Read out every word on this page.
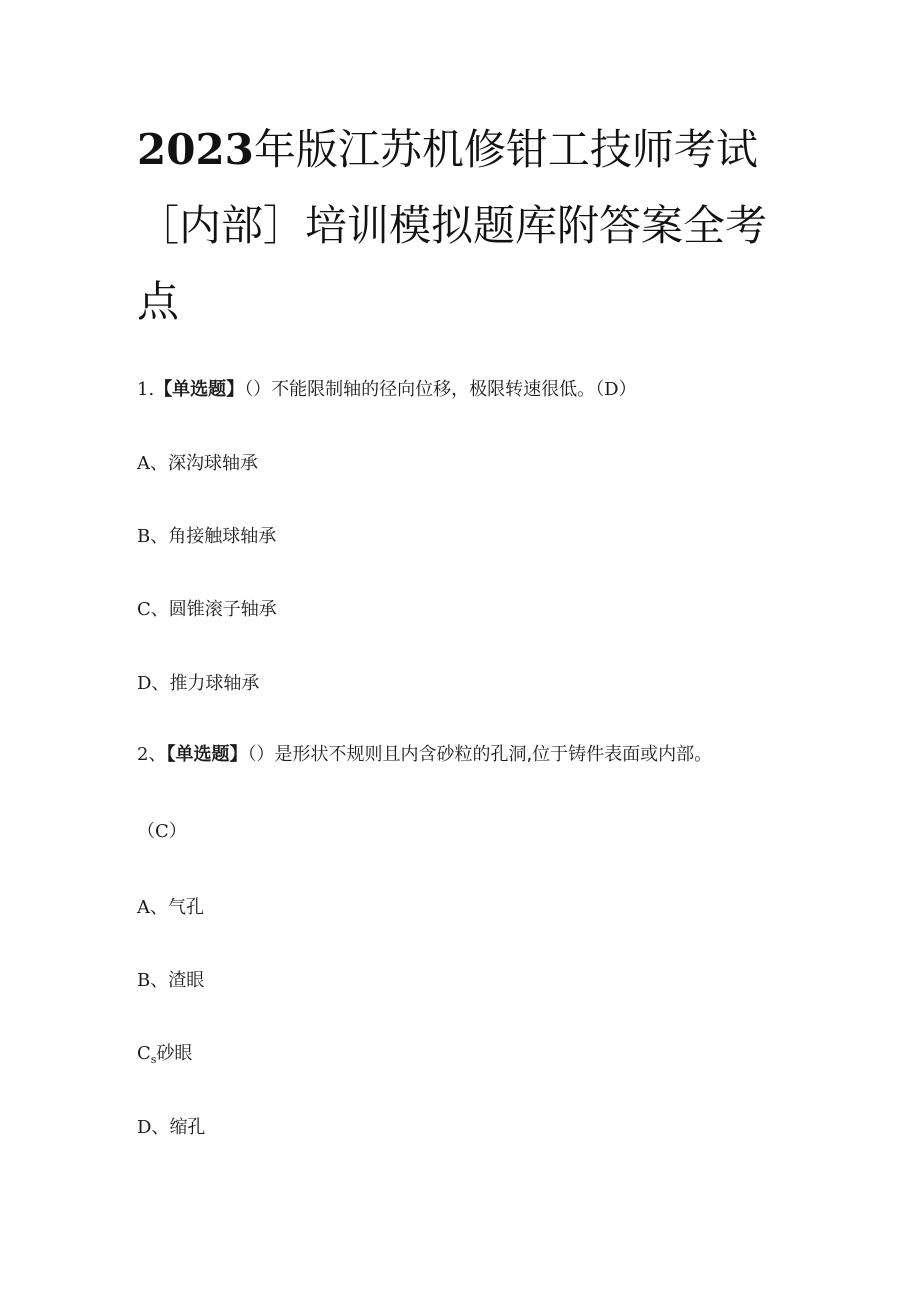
2023年版江苏机修钳工技师考试［内部］培训模拟题库附答案全考点

1.【单选题】（）不能限制轴的径向位移，极限转速很低。（D）

A、深沟球轴承

B、角接触球轴承

C、圆锥滚子轴承

D、推力球轴承

2、【单选题】（）是形状不规则且内含砂粒的孔洞,位于铸件表面或内部。

（C）

A、气孔

B、渣眼

$C_s$砂眼

D、缩孔
